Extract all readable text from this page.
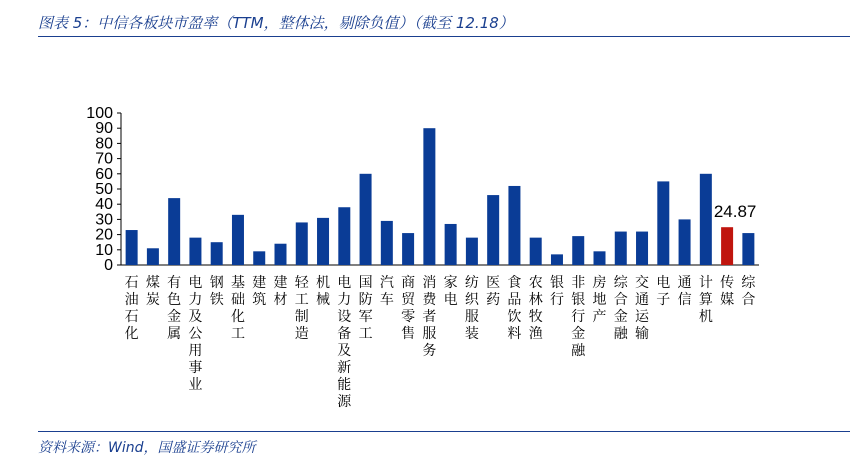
图表 5：中信各板块市盈率（TTM，整体法，剔除负值）（截至 12.18）
0
10
20
30
40
50
60
70
80
90
100
石油石化
煤炭
有色金属
电力及公用事业
钢铁
基础化工
建筑
建材
轻工制造
机械
电力设备及新能源
国防军工
汽车
商贸零售
消费者服务
家电
纺织服装
医药
食品饮料
农林牧渔
银行
非银行金融
房地产
综合金融
交通运输
电子
通信
计算机
传媒
综合
24.87
资料来源：Wind，国盛证券研究所
